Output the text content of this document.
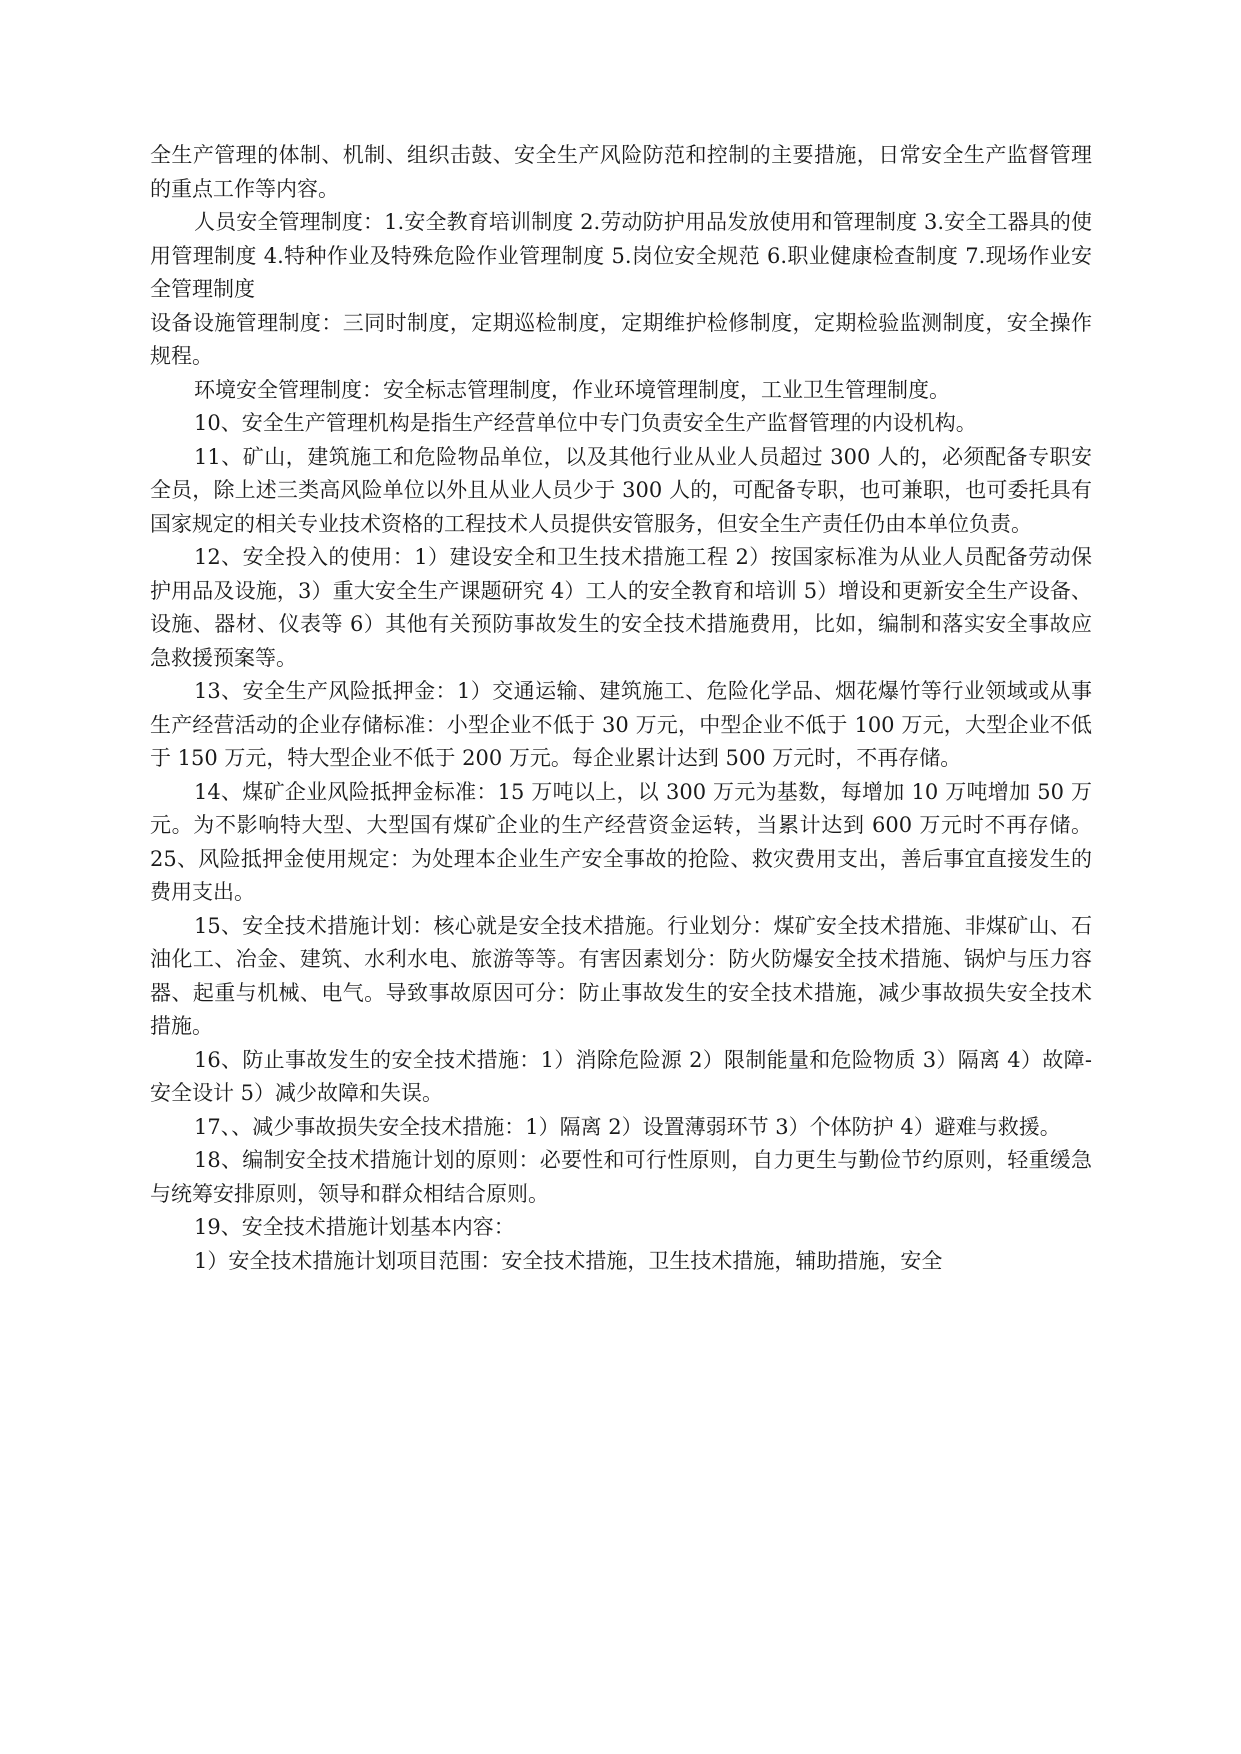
全生产管理的体制、机制、组织击鼓、安全生产风险防范和控制的主要措施，日常安全生产监督管理的重点工作等内容。

人员安全管理制度：1.安全教育培训制度 2.劳动防护用品发放使用和管理制度 3.安全工器具的使用管理制度 4.特种作业及特殊危险作业管理制度 5.岗位安全规范 6.职业健康检查制度 7.现场作业安全管理制度

设备设施管理制度：三同时制度，定期巡检制度，定期维护检修制度，定期检验监测制度，安全操作规程。

环境安全管理制度：安全标志管理制度，作业环境管理制度，工业卫生管理制度。

10、安全生产管理机构是指生产经营单位中专门负责安全生产监督管理的内设机构。

11、矿山，建筑施工和危险物品单位，以及其他行业从业人员超过 300 人的，必须配备专职安全员，除上述三类高风险单位以外且从业人员少于 300 人的，可配备专职，也可兼职，也可委托具有国家规定的相关专业技术资格的工程技术人员提供安管服务，但安全生产责任仍由本单位负责。

12、安全投入的使用：1）建设安全和卫生技术措施工程 2）按国家标准为从业人员配备劳动保护用品及设施，3）重大安全生产课题研究 4）工人的安全教育和培训 5）增设和更新安全生产设备、设施、器材、仪表等 6）其他有关预防事故发生的安全技术措施费用，比如，编制和落实安全事故应急救援预案等。

13、安全生产风险抵押金：1）交通运输、建筑施工、危险化学品、烟花爆竹等行业领域或从事生产经营活动的企业存储标准：小型企业不低于 30 万元，中型企业不低于 100 万元，大型企业不低于 150 万元，特大型企业不低于 200 万元。每企业累计达到 500 万元时，不再存储。

14、煤矿企业风险抵押金标准：15 万吨以上，以 300 万元为基数，每增加 10 万吨增加 50 万元。为不影响特大型、大型国有煤矿企业的生产经营资金运转，当累计达到 600 万元时不再存储。25、风险抵押金使用规定：为处理本企业生产安全事故的抢险、救灾费用支出，善后事宜直接发生的费用支出。

15、安全技术措施计划：核心就是安全技术措施。行业划分：煤矿安全技术措施、非煤矿山、石油化工、冶金、建筑、水利水电、旅游等等。有害因素划分：防火防爆安全技术措施、锅炉与压力容器、起重与机械、电气。导致事故原因可分：防止事故发生的安全技术措施，减少事故损失安全技术措施。

16、防止事故发生的安全技术措施：1）消除危险源 2）限制能量和危险物质 3）隔离 4）故障-安全设计 5）减少故障和失误。

17、、减少事故损失安全技术措施：1）隔离 2）设置薄弱环节 3）个体防护 4）避难与救援。

18、编制安全技术措施计划的原则：必要性和可行性原则，自力更生与勤俭节约原则，轻重缓急与统筹安排原则，领导和群众相结合原则。

19、安全技术措施计划基本内容：

1）安全技术措施计划项目范围：安全技术措施，卫生技术措施，辅助措施，安全
